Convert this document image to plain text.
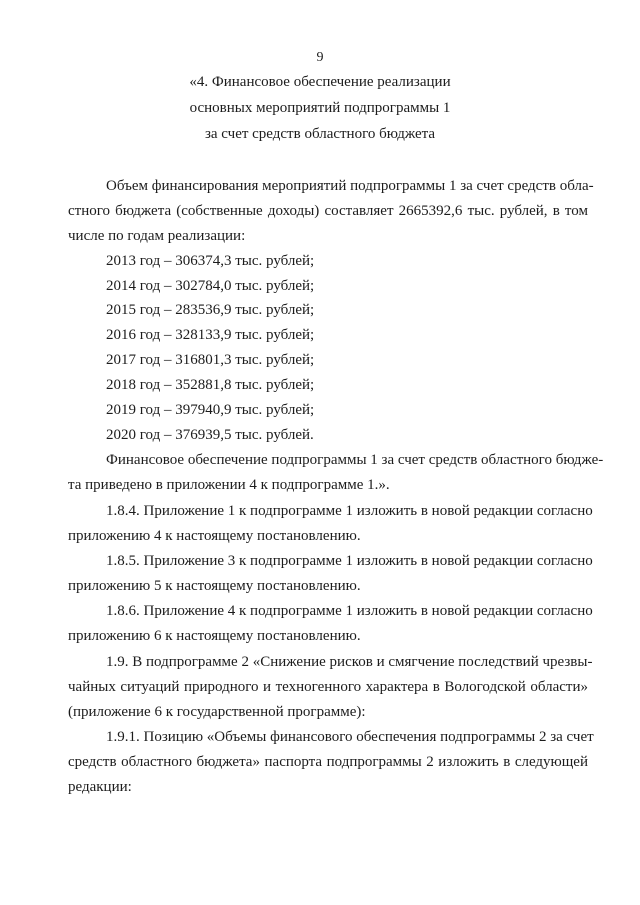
9
«4. Финансовое обеспечение реализации
основных мероприятий подпрограммы 1
за счет средств областного бюджета
Объем финансирования мероприятий подпрограммы 1 за счет средств обла-
стного бюджета (собственные доходы) составляет 2665392,6 тыс. рублей, в том
числе по годам реализации:
2013 год – 306374,3 тыс. рублей;
2014 год – 302784,0 тыс. рублей;
2015 год – 283536,9 тыс. рублей;
2016 год – 328133,9 тыс. рублей;
2017 год – 316801,3 тыс. рублей;
2018 год – 352881,8 тыс. рублей;
2019 год – 397940,9 тыс. рублей;
2020 год – 376939,5 тыс. рублей.
Финансовое обеспечение подпрограммы 1 за счет средств областного бюдже-
та приведено в приложении 4 к подпрограмме 1.».
1.8.4. Приложение 1 к подпрограмме 1 изложить в новой редакции согласно
приложению 4 к настоящему постановлению.
1.8.5. Приложение 3 к подпрограмме 1 изложить в новой редакции согласно
приложению 5 к настоящему постановлению.
1.8.6. Приложение 4 к подпрограмме 1 изложить в новой редакции согласно
приложению 6 к настоящему постановлению.
1.9. В подпрограмме 2 «Снижение рисков и смягчение последствий чрезвы-
чайных ситуаций природного и техногенного характера в Вологодской области»
(приложение 6 к государственной программе):
1.9.1. Позицию «Объемы финансового обеспечения подпрограммы 2 за счет
средств областного бюджета» паспорта подпрограммы 2 изложить в следующей
редакции:
